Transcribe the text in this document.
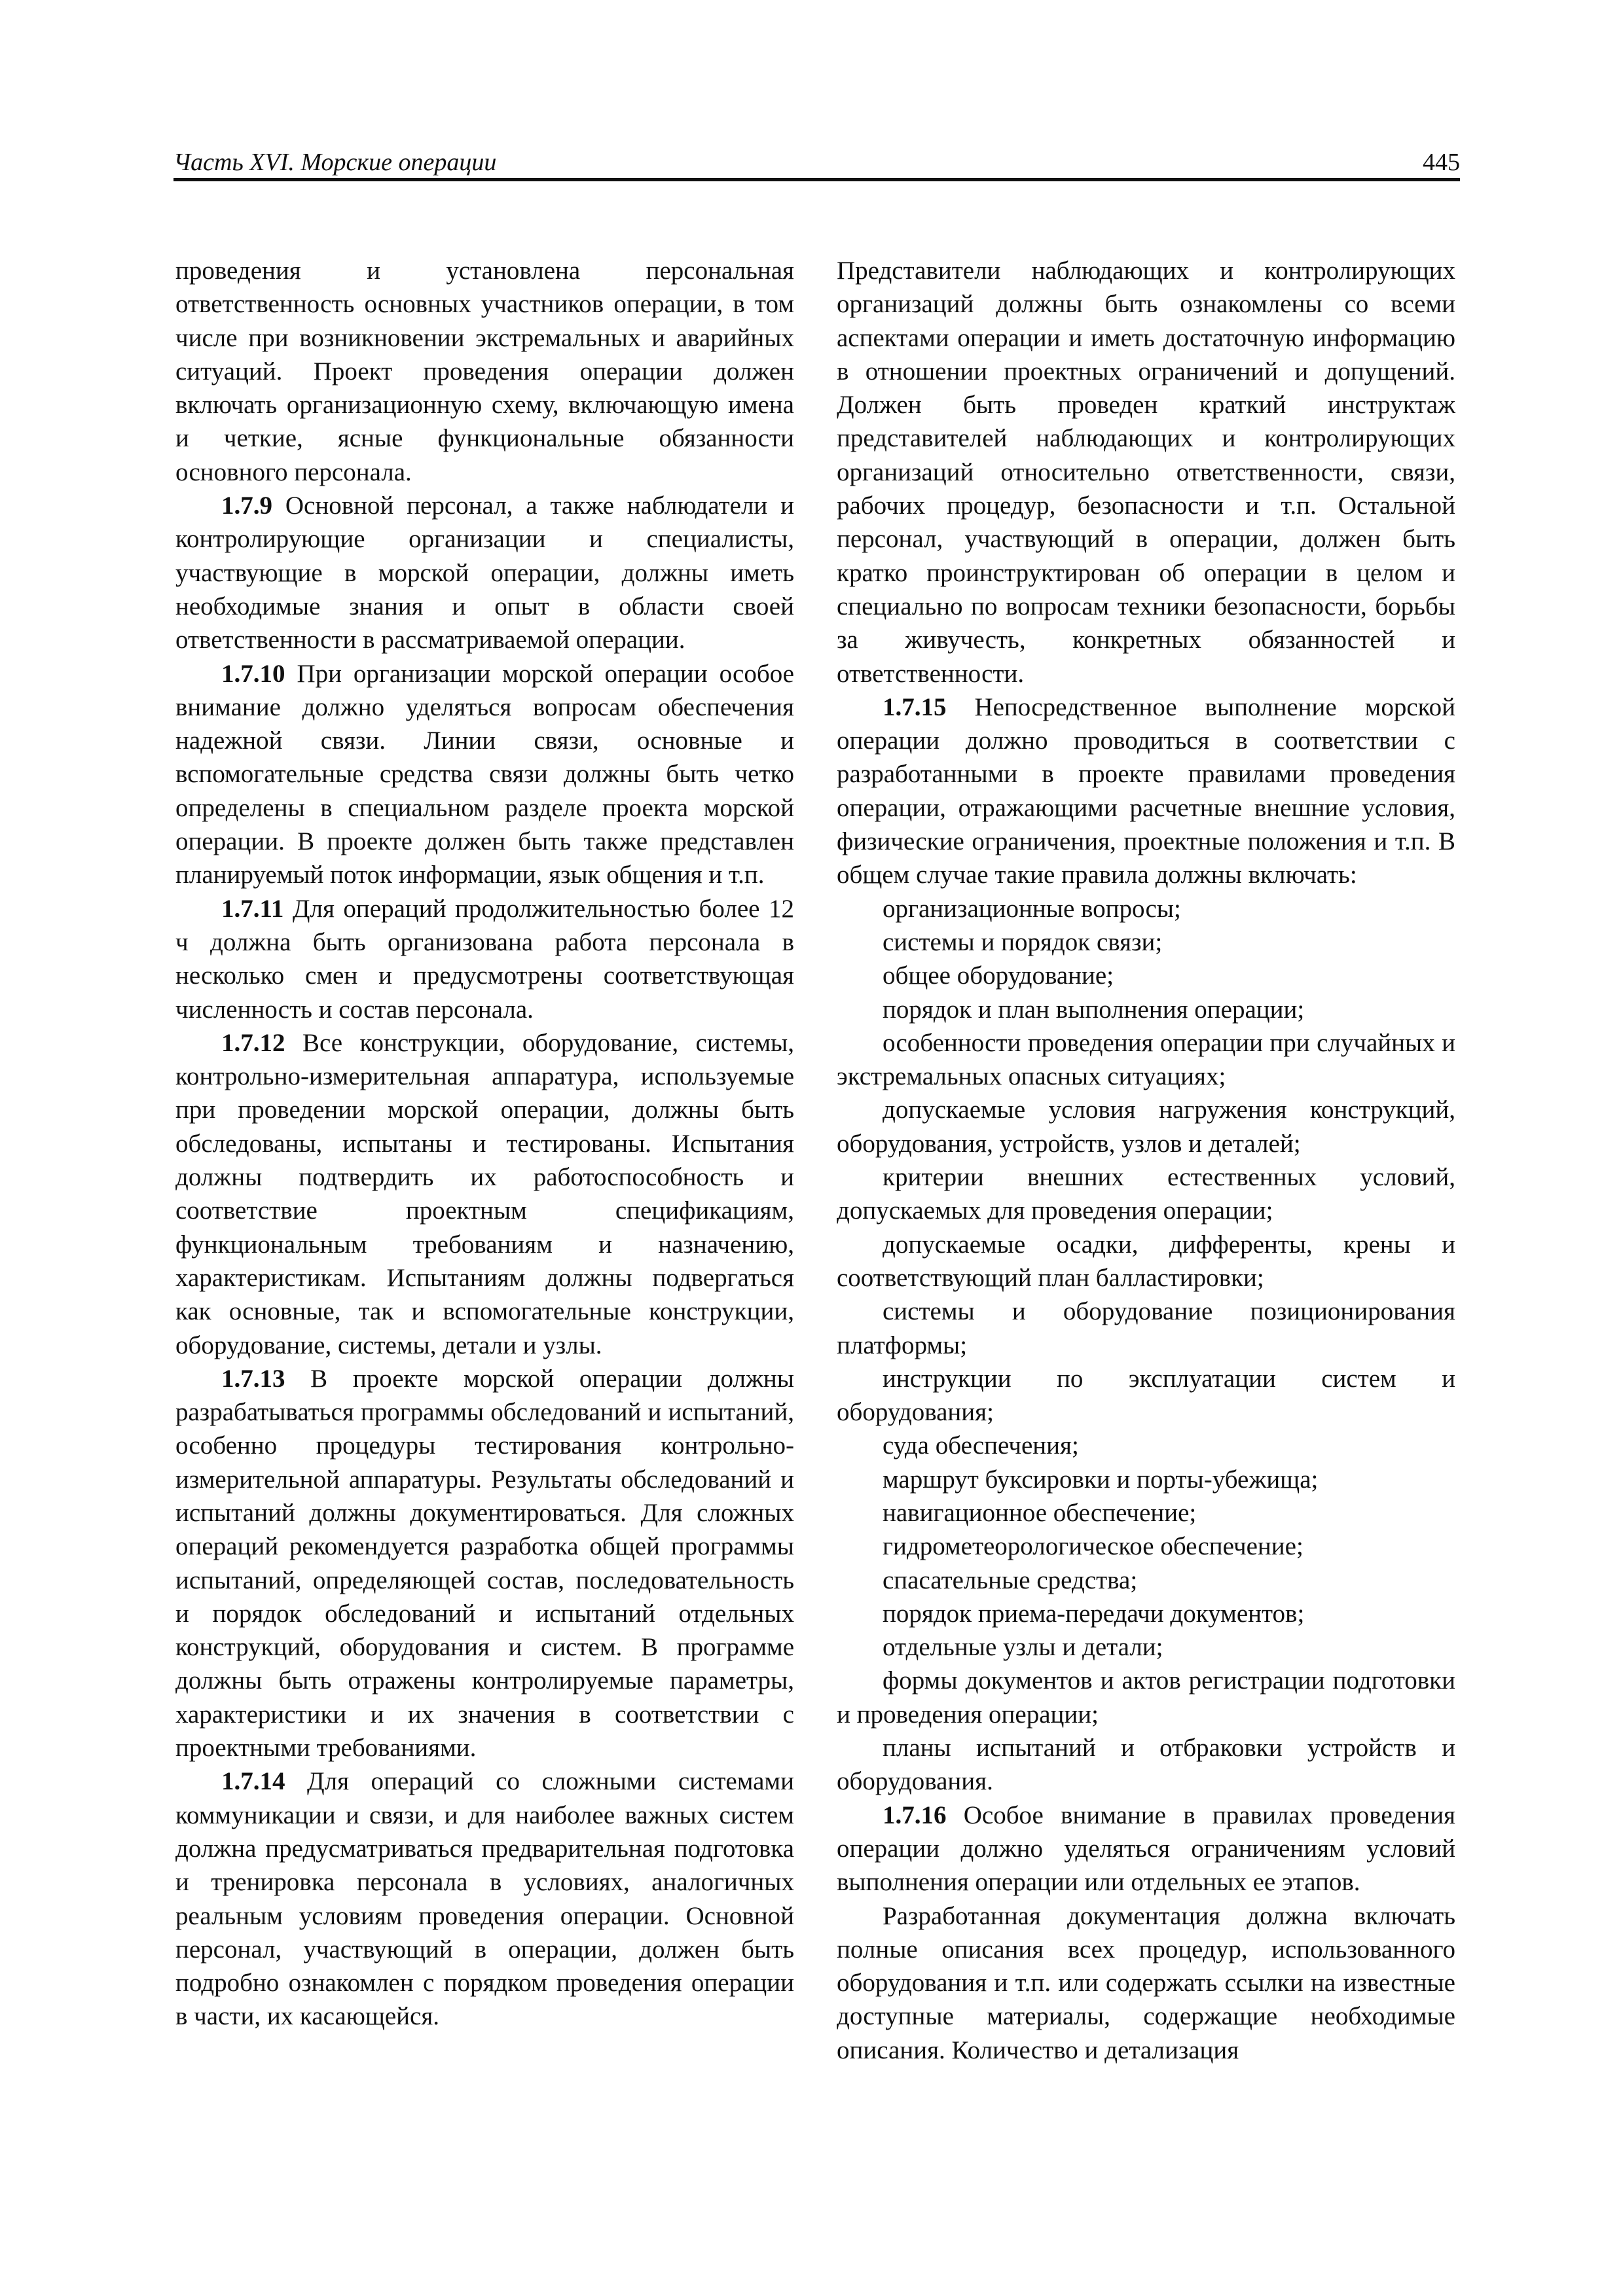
Часть XVI. Морские операции	445

проведения и установлена персональная ответственность основных участников операции, в том числе при возникновении экстремальных и аварийных ситуаций. Проект проведения операции должен включать организационную схему, включающую имена и четкие, ясные функциональные обязанности основного персонала.

1.7.9 Основной персонал, а также наблюдатели и контролирующие организации и специалисты, участвующие в морской операции, должны иметь необходимые знания и опыт в области своей ответственности в рассматриваемой операции.

1.7.10 При организации морской операции особое внимание должно уделяться вопросам обеспечения надежной связи. Линии связи, основные и вспомогательные средства связи должны быть четко определены в специальном разделе проекта морской операции. В проекте должен быть также представлен планируемый поток информации, язык общения и т.п.

1.7.11 Для операций продолжительностью более 12 ч должна быть организована работа персонала в несколько смен и предусмотрены соответствующая численность и состав персонала.

1.7.12 Все конструкции, оборудование, системы, контрольно-измерительная аппаратура, используемые при проведении морской операции, должны быть обследованы, испытаны и тестированы. Испытания должны подтвердить их работоспособность и соответствие проектным спецификациям, функциональным требованиям и назначению, характеристикам. Испытаниям должны подвергаться как основные, так и вспомогательные конструкции, оборудование, системы, детали и узлы.

1.7.13 В проекте морской операции должны разрабатываться программы обследований и испытаний, особенно процедуры тестирования контрольно-измерительной аппаратуры. Результаты обследований и испытаний должны документироваться. Для сложных операций рекомендуется разработка общей программы испытаний, определяющей состав, последовательность и порядок обследований и испытаний отдельных конструкций, оборудования и систем. В программе должны быть отражены контролируемые параметры, характеристики и их значения в соответствии с проектными требованиями.

1.7.14 Для операций со сложными системами коммуникации и связи, и для наиболее важных систем должна предусматриваться предварительная подготовка и тренировка персонала в условиях, аналогичных реальным условиям проведения операции. Основной персонал, участвующий в операции, должен быть подробно ознакомлен с порядком проведения операции в части, их касающейся.

Представители наблюдающих и контролирующих организаций должны быть ознакомлены со всеми аспектами операции и иметь достаточную информацию в отношении проектных ограничений и допущений. Должен быть проведен краткий инструктаж представителей наблюдающих и контролирующих организаций относительно ответственности, связи, рабочих процедур, безопасности и т.п. Остальной персонал, участвующий в операции, должен быть кратко проинструктирован об операции в целом и специально по вопросам техники безопасности, борьбы за живучесть, конкретных обязанностей и ответственности.

1.7.15 Непосредственное выполнение морской операции должно проводиться в соответствии с разработанными в проекте правилами проведения операции, отражающими расчетные внешние условия, физические ограничения, проектные положения и т.п. В общем случае такие правила должны включать:

организационные вопросы;

системы и порядок связи;

общее оборудование;

порядок и план выполнения операции;

особенности проведения операции при случайных и экстремальных опасных ситуациях;

допускаемые условия нагружения конструкций, оборудования, устройств, узлов и деталей;

критерии внешних естественных условий, допускаемых для проведения операции;

допускаемые осадки, дифференты, крены и соответствующий план балластировки;

системы и оборудование позиционирования платформы;

инструкции по эксплуатации систем и оборудования;

суда обеспечения;

маршрут буксировки и порты-убежища;

навигационное обеспечение;

гидрометеорологическое обеспечение;

спасательные средства;

порядок приема-передачи документов;

отдельные узлы и детали;

формы документов и актов регистрации подготовки и проведения операции;

планы испытаний и отбраковки устройств и оборудования.

1.7.16 Особое внимание в правилах проведения операции должно уделяться ограничениям условий выполнения операции или отдельных ее этапов.

Разработанная документация должна включать полные описания всех процедур, использованного оборудования и т.п. или содержать ссылки на известные доступные материалы, содержащие необходимые описания. Количество и детализация
